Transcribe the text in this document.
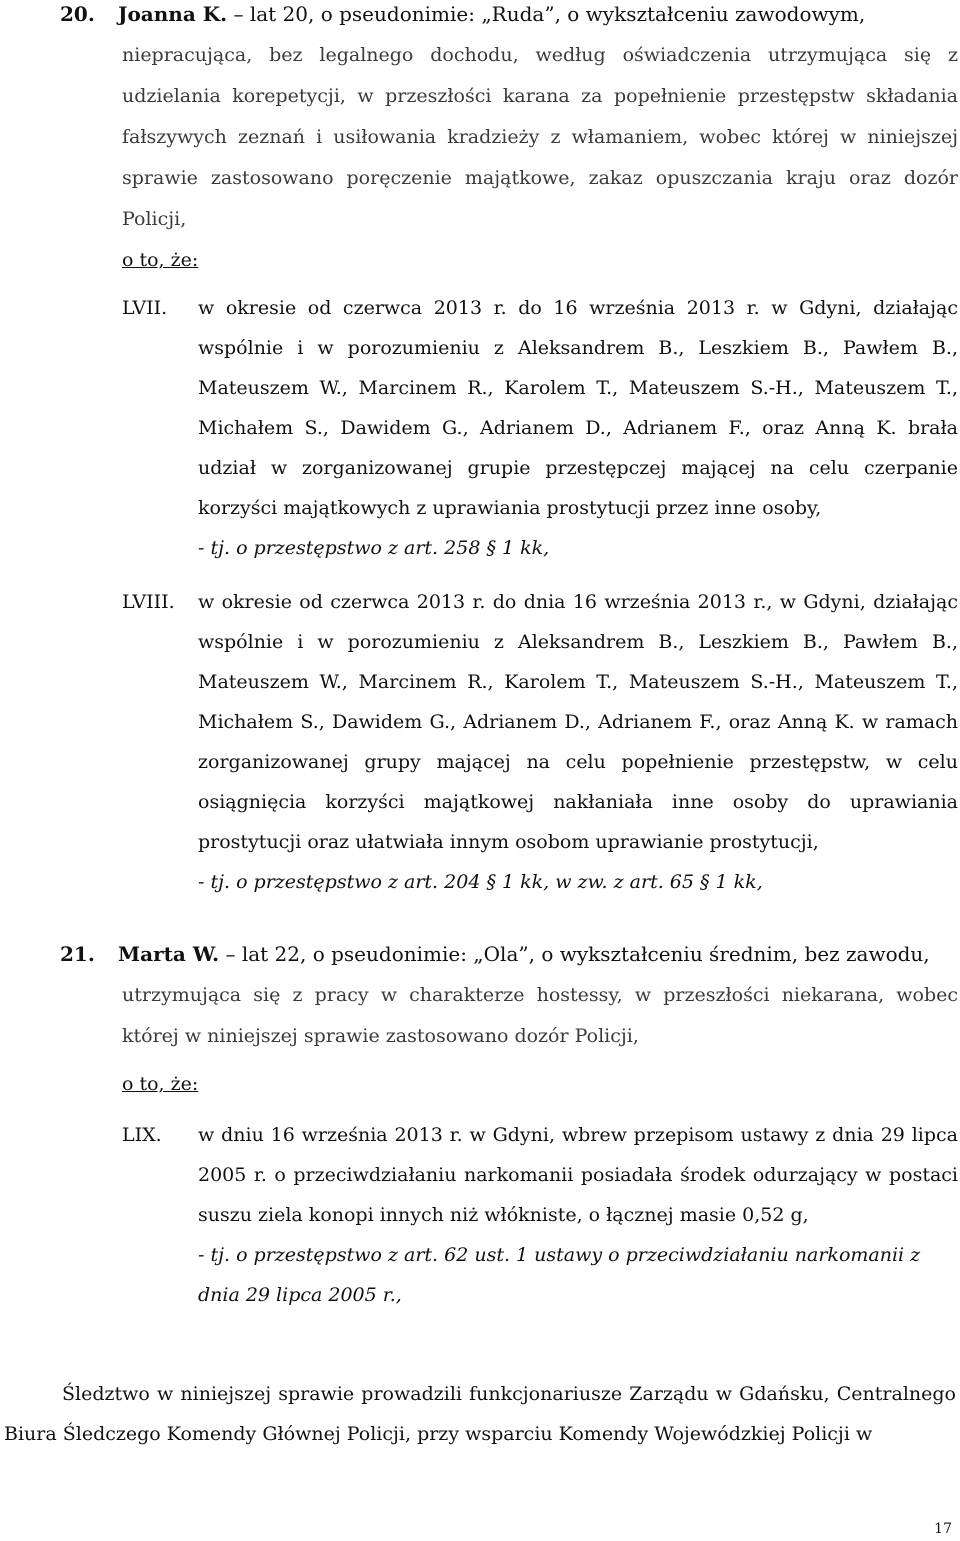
20. Joanna K. – lat 20, o pseudonimie: „Ruda”, o wykształceniu zawodowym,
niepracująca, bez legalnego dochodu, według oświadczenia utrzymująca się z udzielania korepetycji, w przeszłości karana za popełnienie przestępstw składania fałszywych zeznań i usiłowania kradzieży z włamaniem, wobec której w niniejszej sprawie zastosowano poręczenie majątkowe, zakaz opuszczania kraju oraz dozór Policji,
o to, że:
LVII.	w okresie od czerwca 2013 r. do 16 września 2013 r. w Gdyni, działając wspólnie i w porozumieniu z Aleksandrem B., Leszkiem B., Pawłem B., Mateuszem W., Marcinem R., Karolem T., Mateuszem S.-H., Mateuszem T., Michałem S., Dawidem G., Adrianem D., Adrianem F., oraz Anną K. brała udział w zorganizowanej grupie przestępczej mającej na celu czerpanie korzyści majątkowych z uprawiania prostytucji przez inne osoby,
- tj. o przestępstwo z art. 258 § 1 kk,
LVIII.	w okresie od czerwca 2013 r. do dnia 16 września 2013 r., w Gdyni, działając wspólnie i w porozumieniu z Aleksandrem B., Leszkiem B., Pawłem B., Mateuszem W., Marcinem R., Karolem T., Mateuszem S.-H., Mateuszem T., Michałem S., Dawidem G., Adrianem D., Adrianem F., oraz Anną K. w ramach zorganizowanej grupy mającej na celu popełnienie przestępstw, w celu osiągnięcia korzyści majątkowej nakłaniała inne osoby do uprawiania prostytucji oraz ułatwiała innym osobom uprawianie prostytucji,
- tj. o przestępstwo z art. 204 § 1 kk, w zw. z art. 65 § 1 kk,
21. Marta W. – lat 22, o pseudonimie: „Ola”, o wykształceniu średnim, bez zawodu,
utrzymująca się z pracy w charakterze hostessy, w przeszłości niekarana, wobec której w niniejszej sprawie zastosowano dozór Policji,
o to, że:
LIX.	w dniu 16 września 2013 r. w Gdyni, wbrew przepisom ustawy z dnia 29 lipca 2005 r. o przeciwdziałaniu narkomanii posiadała środek odurzający w postaci suszu ziela konopi innych niż włókniste, o łącznej masie 0,52 g,
- tj. o przestępstwo z art. 62 ust. 1 ustawy o przeciwdziałaniu narkomanii z dnia 29 lipca 2005 r.,
Śledztwo w niniejszej sprawie prowadzili funkcjonariusze Zarządu w Gdańsku, Centralnego Biura Śledczego Komendy Głównej Policji, przy wsparciu Komendy Wojewódzkiej Policji w
17
